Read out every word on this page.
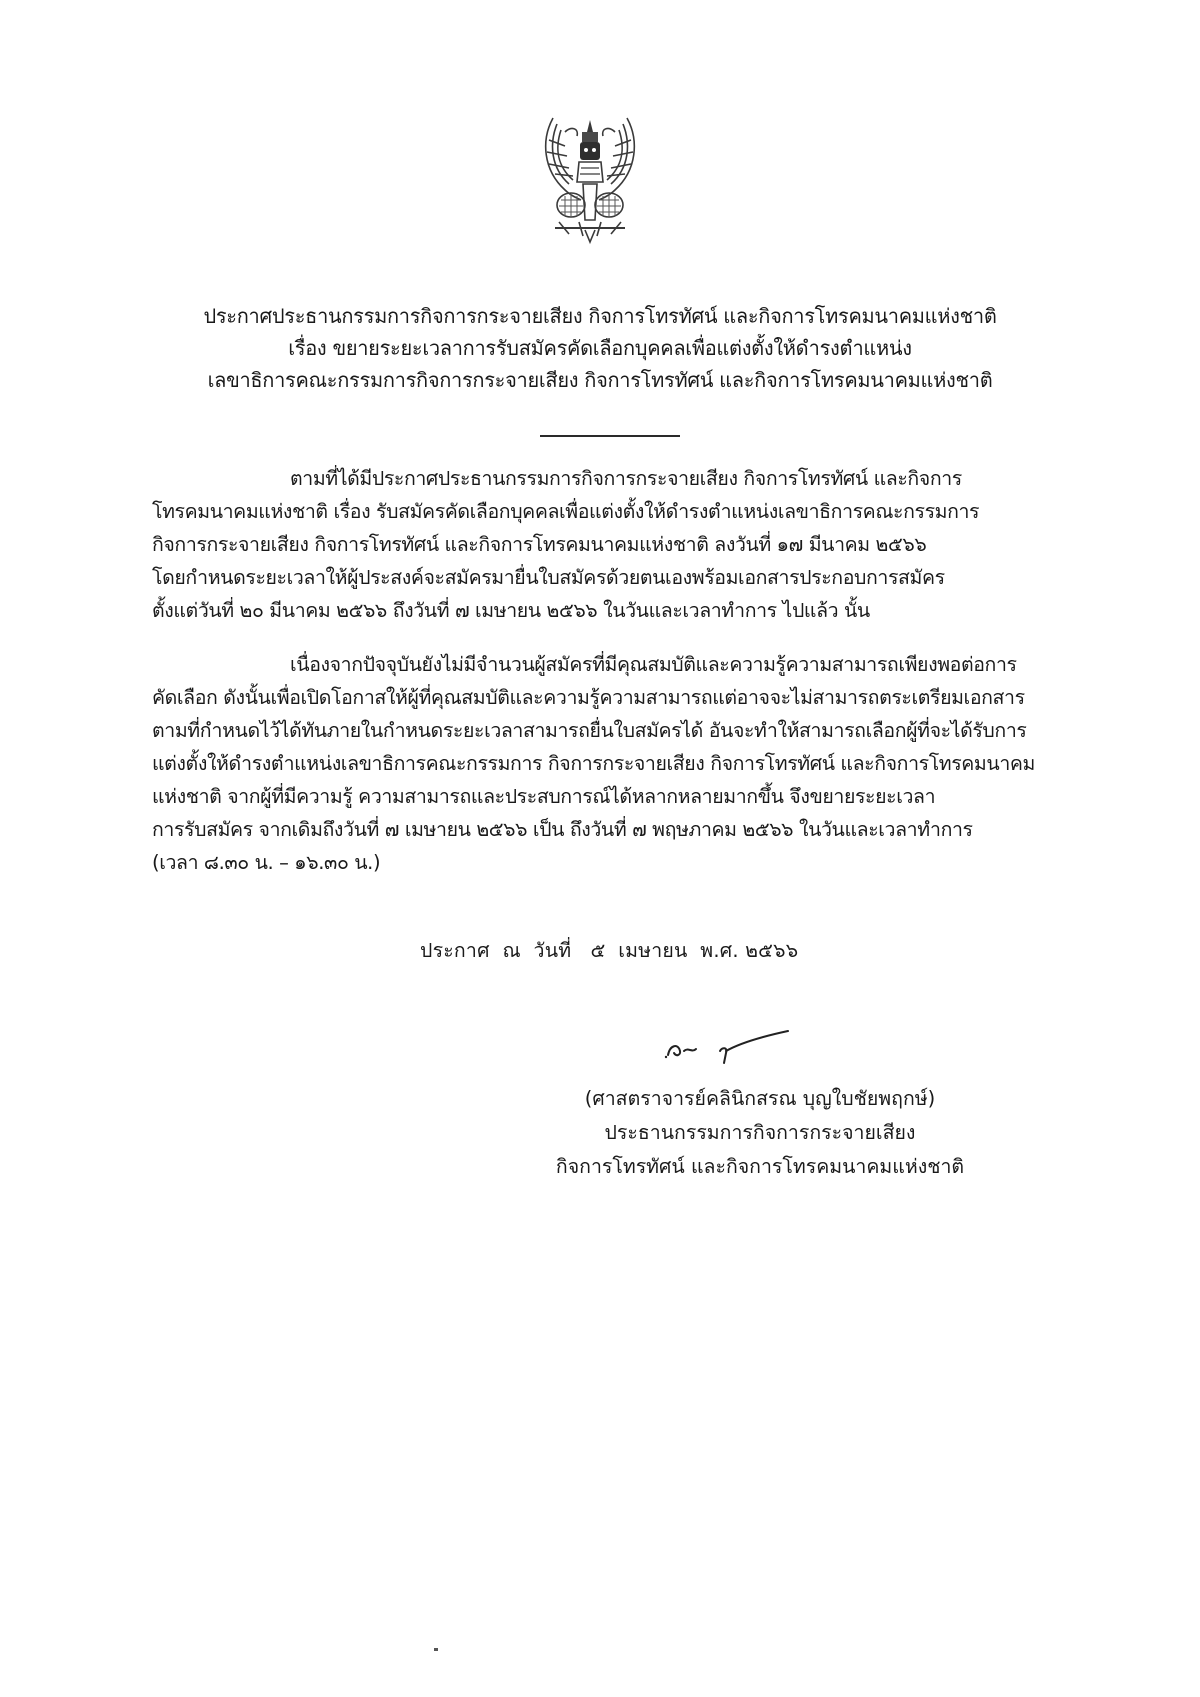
ประกาศประธานกรรมการกิจการกระจายเสียง กิจการโทรทัศน์ และกิจการโทรคมนาคมแห่งชาติ
เรื่อง ขยายระยะเวลาการรับสมัครคัดเลือกบุคคลเพื่อแต่งตั้งให้ดำรงตำแหน่ง
เลขาธิการคณะกรรมการกิจการกระจายเสียง กิจการโทรทัศน์ และกิจการโทรคมนาคมแห่งชาติ
ตามที่ได้มีประกาศประธานกรรมการกิจการกระจายเสียง กิจการโทรทัศน์ และกิจการ
โทรคมนาคมแห่งชาติ เรื่อง รับสมัครคัดเลือกบุคคลเพื่อแต่งตั้งให้ดำรงตำแหน่งเลขาธิการคณะกรรมการ
กิจการกระจายเสียง กิจการโทรทัศน์ และกิจการโทรคมนาคมแห่งชาติ ลงวันที่ ๑๗ มีนาคม ๒๕๖๖
โดยกำหนดระยะเวลาให้ผู้ประสงค์จะสมัครมายื่นใบสมัครด้วยตนเองพร้อมเอกสารประกอบการสมัคร
ตั้งแต่วันที่ ๒๐ มีนาคม ๒๕๖๖ ถึงวันที่ ๗ เมษายน ๒๕๖๖ ในวันและเวลาทำการ ไปแล้ว นั้น
เนื่องจากปัจจุบันยังไม่มีจำนวนผู้สมัครที่มีคุณสมบัติและความรู้ความสามารถเพียงพอต่อการ
คัดเลือก ดังนั้นเพื่อเปิดโอกาสให้ผู้ที่คุณสมบัติและความรู้ความสามารถแต่อาจจะไม่สามารถตระเตรียมเอกสาร
ตามที่กำหนดไว้ได้ทันภายในกำหนดระยะเวลาสามารถยื่นใบสมัครได้ อันจะทำให้สามารถเลือกผู้ที่จะได้รับการ
แต่งตั้งให้ดำรงตำแหน่งเลขาธิการคณะกรรมการ กิจการกระจายเสียง กิจการโทรทัศน์ และกิจการโทรคมนาคม
แห่งชาติ จากผู้ที่มีความรู้ ความสามารถและประสบการณ์ได้หลากหลายมากขึ้น จึงขยายระยะเวลา
การรับสมัคร จากเดิมถึงวันที่ ๗ เมษายน ๒๕๖๖ เป็น ถึงวันที่ ๗ พฤษภาคม ๒๕๖๖ ในวันและเวลาทำการ
(เวลา ๘.๓๐ น. – ๑๖.๓๐ น.)
ประกาศ  ณ  วันที่   ๕  เมษายน  พ.ศ. ๒๕๖๖
(ศาสตราจารย์คลินิกสรณ บุญใบชัยพฤกษ์)
ประธานกรรมการกิจการกระจายเสียง
กิจการโทรทัศน์ และกิจการโทรคมนาคมแห่งชาติ
